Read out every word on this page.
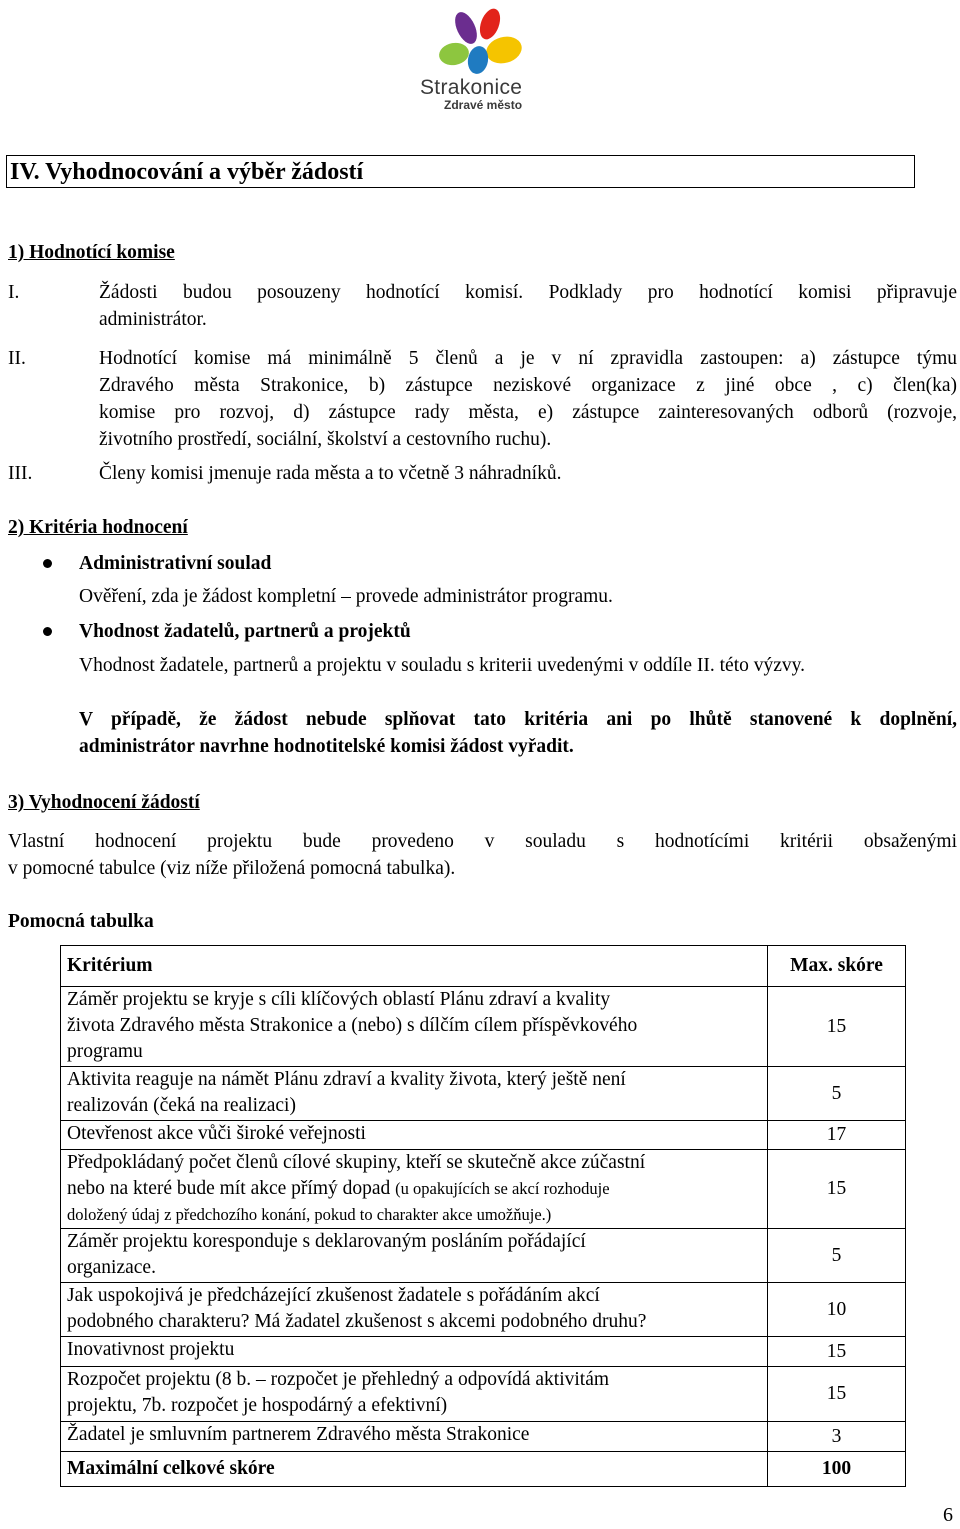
Strakonice
Zdravé město
IV. Vyhodnocování a výběr žádostí
1) Hodnotící komise
I.	Žádosti budou posouzeny hodnotící komisí. Podklady pro hodnotící komisi připravuje
administrátor.
II.	Hodnotící komise má minimálně 5 členů a je v ní zpravidla zastoupen: a) zástupce týmu
Zdravého města Strakonice, b) zástupce neziskové organizace z jiné obce , c) člen(ka)
komise pro rozvoj, d) zástupce rady města, e) zástupce zainteresovaných odborů (rozvoje,
životního prostředí, sociální, školství a cestovního ruchu).
III.	Členy komisi jmenuje rada města a to včetně 3 náhradníků.
2) Kritéria hodnocení
Administrativní soulad
Ověření, zda je žádost kompletní – provede administrátor programu.
Vhodnost žadatelů, partnerů a projektů
Vhodnost žadatele, partnerů a projektu v souladu s kriterii uvedenými v oddíle II. této výzvy.
V případě, že žádost nebude splňovat tato kritéria ani po lhůtě stanovené k doplnění,
administrátor navrhne hodnotitelské komisi žádost vyřadit.
3) Vyhodnocení žádostí
Vlastní hodnocení projektu bude provedeno v souladu s hodnotícími kritérii obsaženými
v pomocné tabulce (viz níže přiložená pomocná tabulka).
Pomocná tabulka
Kritérium	Max. skóre

Záměr projektu se kryje s cíli klíčových oblastí Plánu zdraví a kvality
života Zdravého města Strakonice a (nebo) s dílčím cílem příspěvkového
programu	15

Aktivita reaguje na námět Plánu zdraví a kvality života, který ještě není
realizován (čeká na realizaci)	5

Otevřenost akce vůči široké veřejnosti	17

Předpokládaný počet členů cílové skupiny, kteří se skutečně akce zúčastní
nebo na které bude mít akce přímý dopad (u opakujících se akcí rozhoduje
doložený údaj z předchozího konání, pokud to charakter akce umožňuje.)	15

Záměr projektu koresponduje s deklarovaným posláním pořádající
organizace.	5

Jak uspokojivá je předcházející zkušenost žadatele s pořádáním akcí
podobného charakteru? Má žadatel zkušenost s akcemi podobného druhu?	10

Inovativnost projektu	15

Rozpočet projektu (8 b. – rozpočet je přehledný a odpovídá aktivitám
projektu, 7b. rozpočet je hospodárný a efektivní)	15

Žadatel je smluvním partnerem Zdravého města Strakonice	3
Maximální celkové skóre	100
6
